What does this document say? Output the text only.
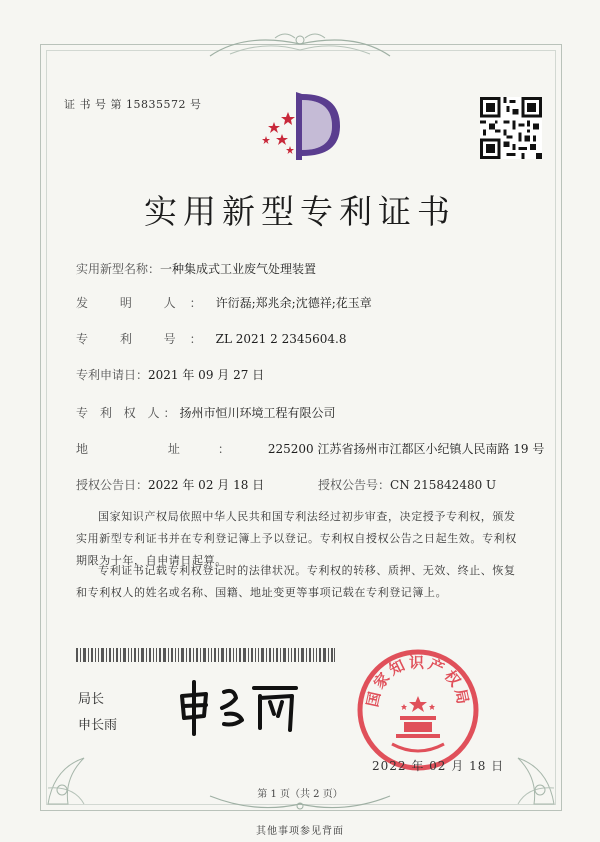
证 书 号 第 15835572 号
实用新型专利证书
实用新型名称：一种集成式工业废气处理装置
发 明 人：许衍磊;郑兆余;沈德祥;花玉章
专 利 号：ZL 2021 2 2345604.8
专利申请日：2021 年 09 月 27 日
专 利 权 人：扬州市恒川环境工程有限公司
地 址：225200 江苏省扬州市江都区小纪镇人民南路 19 号
授权公告日：2022 年 02 月 18 日	授权公告号：CN 215842480 U
国家知识产权局依照中华人民共和国专利法经过初步审查，决定授予专利权，颁发实用新型专利证书并在专利登记簿上予以登记。专利权自授权公告之日起生效。专利权期限为十年，自申请日起算。
专利证书记载专利权登记时的法律状况。专利权的转移、质押、无效、终止、恢复和专利权人的姓名或名称、国籍、地址变更等事项记载在专利登记簿上。
局长
申长雨
国家知识产权局
2022 年 02 月 18 日
第 1 页（共 2 页）
其他事项参见背面
